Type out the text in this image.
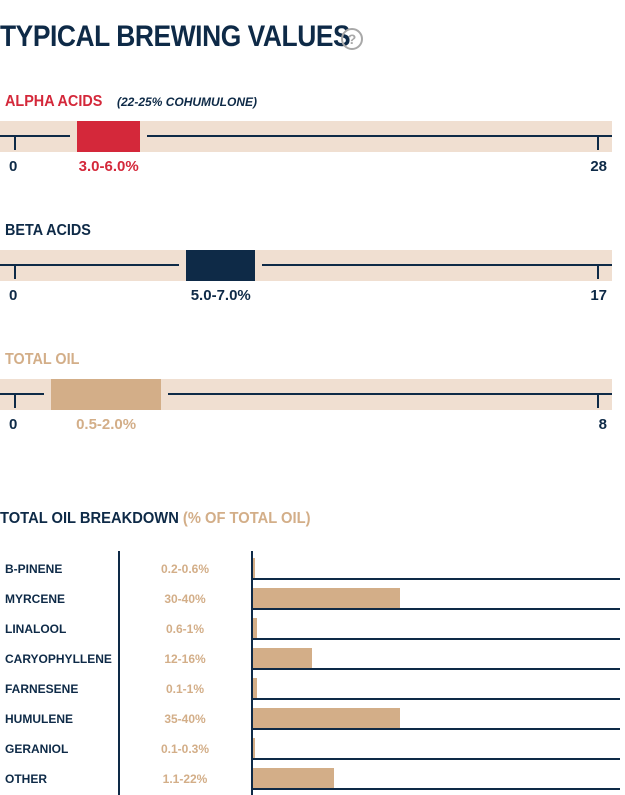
TYPICAL BREWING VALUES
?
ALPHA ACIDS (22-25% COHUMULONE)
0	28
3.0-6.0%
BETA ACIDS
0	17
5.0-7.0%
TOTAL OIL
0	8
0.5-2.0%
TOTAL OIL BREAKDOWN (% OF TOTAL OIL)
B-PINENE	0.2-0.6%
MYRCENE	30-40%
LINALOOL	0.6-1%
CARYOPHYLLENE	12-16%
FARNESENE	0.1-1%
HUMULENE	35-40%
GERANIOL	0.1-0.3%
OTHER	1.1-22%
